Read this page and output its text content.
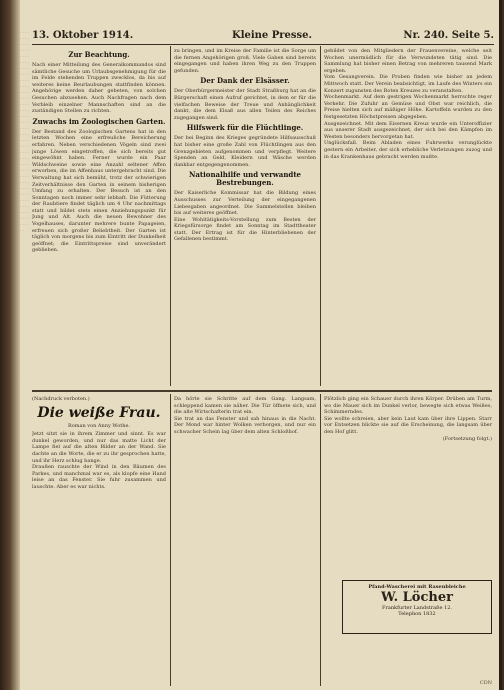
· · · · · · · · · · · · · · · · · · · · · · · · · · · · · · · · · · · · · · · · · · · · · · · · · · · · · · · · · · · · · · · · · · · · · · · · · · · · · · · · · · · · · · · · · · · · · · · · · · · · · · · · · · · · · · · · · · · · · · · · · · · · · · · · · · · · · ·
13. Oktober 1914.	Kleine Presse.	Nr. 240. Seite 5.
Zur Beachtung.

Nach einer Mitteilung des Generalkommandos sind sämtliche Gesuche um Urlaubsgenehmigung für die im Felde stehenden Truppen zwecklos, da bis auf weiteres keine Beurlaubungen stattfinden können. Angehörige werden daher gebeten, von solchen Gesuchen abzusehen. Auch Nachfragen nach dem Verbleib einzelner Mannschaften sind an die zuständigen Stellen zu richten.

Zuwachs im Zoologischen Garten.

Der Bestand des Zoologischen Gartens hat in den letzten Wochen eine erfreuliche Bereicherung erfahren. Neben verschiedenen Vögeln sind zwei junge Löwen eingetroffen, die sich bereits gut eingewöhnt haben. Ferner wurde ein Paar Wildschweine sowie eine Anzahl seltener Affen erworben, die im Affenhaus untergebracht sind. Die Verwaltung hat sich bemüht, trotz der schwierigen Zeitverhältnisse den Garten in seinem bisherigen Umfang zu erhalten. Der Besuch ist an den Sonntagen noch immer sehr lebhaft. Die Fütterung der Raubtiere findet täglich um 4 Uhr nachmittags statt und bildet stets einen Anziehungspunkt für Jung und Alt. Auch die neuen Bewohner des Vogelhauses, darunter mehrere bunte Papageien, erfreuen sich großer Beliebtheit. Der Garten ist täglich von morgens bis zum Eintritt der Dunkelheit geöffnet; die Eintrittspreise sind unverändert geblieben.

zu bringen, und im Kreise der Familie ist die Sorge um die fernen Angehörigen groß. Viele Gaben sind bereits eingegangen und haben ihren Weg zu den Truppen gefunden.

Der Dank der Elsässer.

Der Oberbürgermeister der Stadt Straßburg hat an die Bürgerschaft einen Aufruf gerichtet, in dem er für die vielfachen Beweise der Treue und Anhänglichkeit dankt, die dem Elsaß aus allen Teilen des Reiches zugegangen sind.

Hilfswerk für die Flüchtlinge.

Der bei Beginn des Krieges gegründete Hilfsausschuß hat bisher eine große Zahl von Flüchtlingen aus den Grenzgebieten aufgenommen und verpflegt. Weitere Spenden an Geld, Kleidern und Wäsche werden dankbar entgegengenommen.

Nationalhilfe und verwandte Bestrebungen.

Der Kaiserliche Kommissar hat die Bildung eines Ausschusses zur Verteilung der eingegangenen Liebesgaben angeordnet. Die Sammelstellen bleiben bis auf weiteres geöffnet.

Eine Wohltätigkeits-Vorstellung zum Besten der Kriegsfürsorge findet am Sonntag im Stadttheater statt. Der Ertrag ist für die Hinterbliebenen der Gefallenen bestimmt.

gebildet von den Mitgliedern der Frauenvereine, welche seit Wochen unermüdlich für die Verwundeten tätig sind. Die Sammlung hat bisher einen Betrag von mehreren tausend Mark ergeben.

Vom Gesangverein. Die Proben finden wie bisher an jedem Mittwoch statt. Der Verein beabsichtigt, im Laufe des Winters ein Konzert zugunsten des Roten Kreuzes zu veranstalten.

Wochenmarkt. Auf dem gestrigen Wochenmarkt herrschte reger Verkehr. Die Zufuhr an Gemüse und Obst war reichlich, die Preise hielten sich auf mäßiger Höhe. Kartoffeln wurden zu den festgesetzten Höchstpreisen abgegeben.

Ausgezeichnet. Mit dem Eisernen Kreuz wurde ein Unteroffizier aus unserer Stadt ausgezeichnet, der sich bei den Kämpfen im Westen besonders hervorgetan hat.

Unglücksfall. Beim Abladen eines Fuhrwerks verunglückte gestern ein Arbeiter, der sich erhebliche Verletzungen zuzog und in das Krankenhaus gebracht werden mußte.

(Nachdruck verboten.)

Die weiße Frau.
Roman von Anny Wothe.

Jetzt sitzt sie in ihrem Zimmer und sinnt. Es war dunkel geworden, und nur das matte Licht der Lampe fiel auf die alten Bilder an der Wand. Sie dachte an die Worte, die er zu ihr gesprochen hatte, und ihr Herz schlug bange.

Draußen rauschte der Wind in den Bäumen des Parkes, und manchmal war es, als klopfe eine Hand leise an das Fenster. Sie fuhr zusammen und lauschte. Aber es war nichts.

Da hörte sie Schritte auf dem Gang. Langsam, schleppend kamen sie näher. Die Tür öffnete sich, und die alte Wirtschafterin trat ein.

Sie trat an das Fenster und sah hinaus in die Nacht. Der Mond war hinter Wolken verborgen, und nur ein schwacher Schein lag über dem alten Schloßhof.

Plötzlich ging ein Schauer durch ihren Körper. Drüben am Turm, wo die Mauer sich im Dunkel verlor, bewegte sich etwas Weißes, Schimmerndes.

Sie wollte schreien, aber kein Laut kam über ihre Lippen. Starr vor Entsetzen blickte sie auf die Erscheinung, die langsam über den Hof glitt.

(Fortsetzung folgt.)

Pfand-Wascherei mit Rasenbleiche
W. Löcher
Frankfurter Landstraße 12.
Telephon 1832
CDN
